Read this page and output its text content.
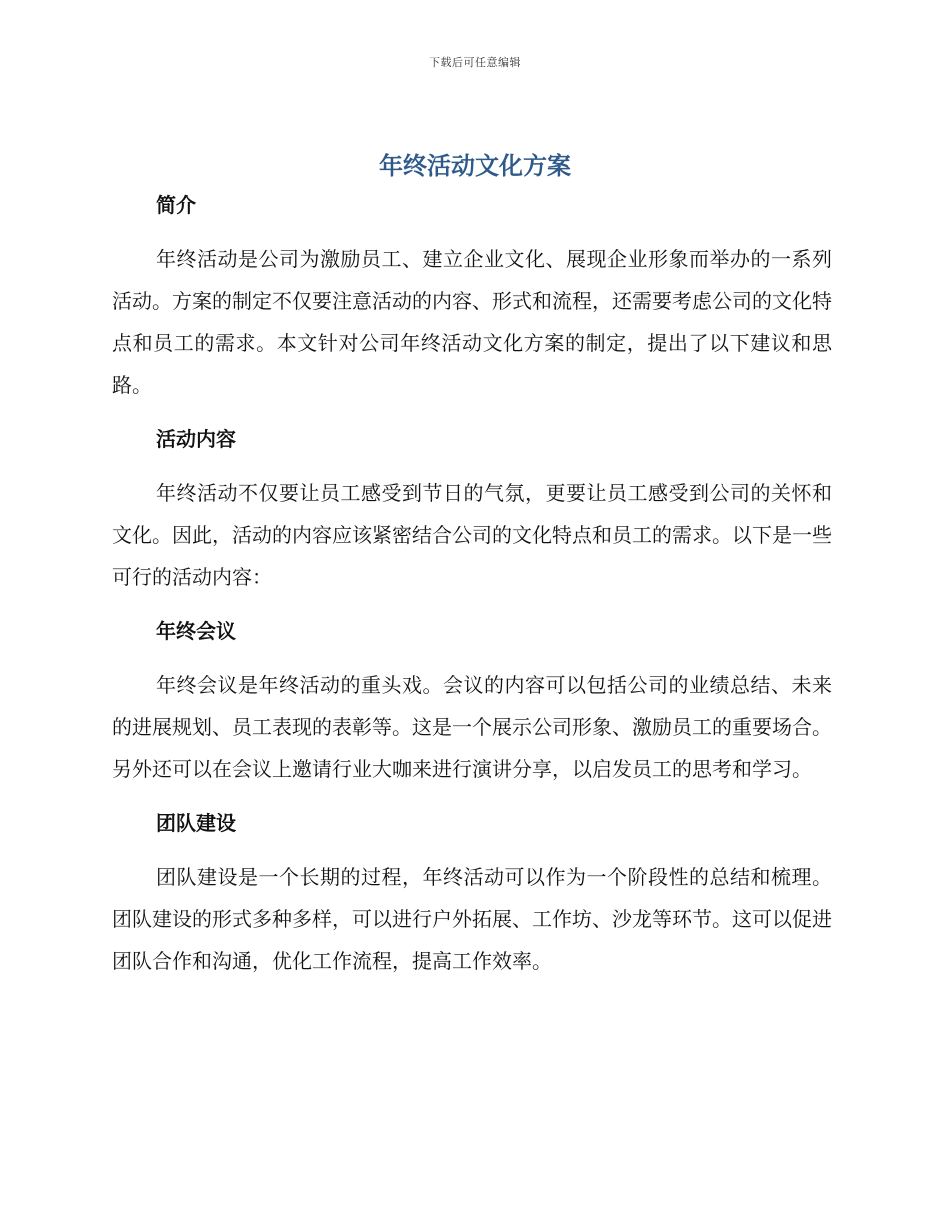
下载后可任意编辑
年终活动文化方案
简介

年终活动是公司为激励员工、建立企业文化、展现企业形象而举办的一系列活动。方案的制定不仅要注意活动的内容、形式和流程，还需要考虑公司的文化特点和员工的需求。本文针对公司年终活动文化方案的制定，提出了以下建议和思路。

活动内容

年终活动不仅要让员工感受到节日的气氛，更要让员工感受到公司的关怀和文化。因此，活动的内容应该紧密结合公司的文化特点和员工的需求。以下是一些可行的活动内容：

年终会议

年终会议是年终活动的重头戏。会议的内容可以包括公司的业绩总结、未来的进展规划、员工表现的表彰等。这是一个展示公司形象、激励员工的重要场合。另外还可以在会议上邀请行业大咖来进行演讲分享，以启发员工的思考和学习。

团队建设

团队建设是一个长期的过程，年终活动可以作为一个阶段性的总结和梳理。团队建设的形式多种多样，可以进行户外拓展、工作坊、沙龙等环节。这可以促进团队合作和沟通，优化工作流程，提高工作效率。
